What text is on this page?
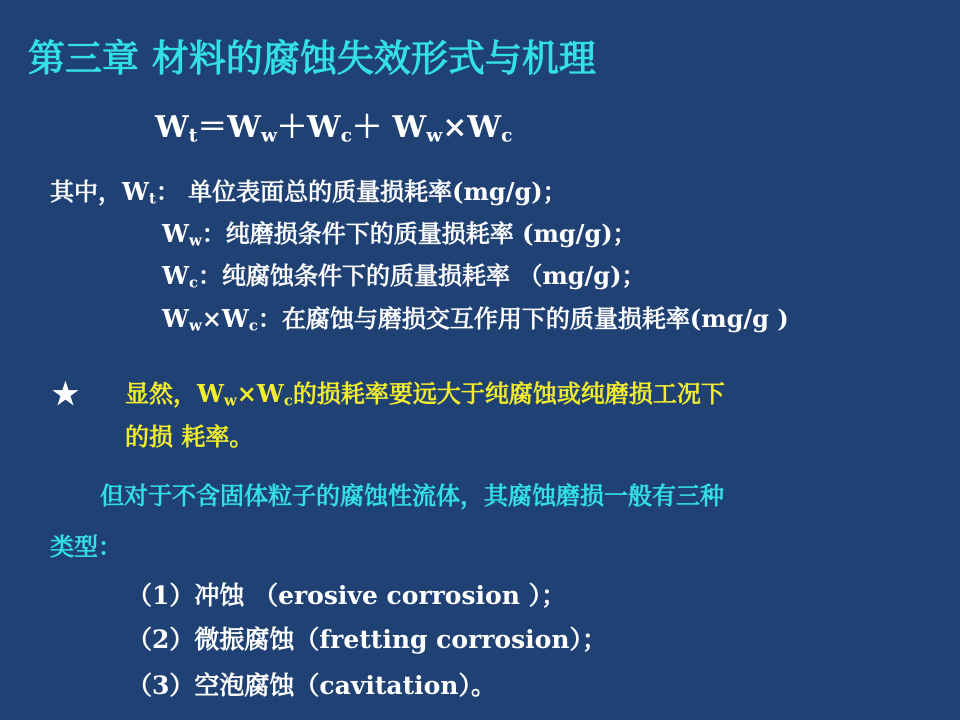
第三章 材料的腐蚀失效形式与机理
$W_t=W_w+W_c+ W_w\times W_c$
其中，$W_t$： 单位表面总的质量损耗率(mg/g)；
$W_w$：纯磨损条件下的质量损耗率 (mg/g)；
$W_c$：纯腐蚀条件下的质量损耗率 （mg/g)；
$W_w\times W_c$：在腐蚀与磨损交互作用下的质量损耗率(mg/g )
★ 显然，$W_w\times W_c$的损耗率要远大于纯腐蚀或纯磨损工况下
的损 耗率。
但对于不含固体粒子的腐蚀性流体，其腐蚀磨损一般有三种
类型：
（1）冲蚀 （erosive corrosion ）；
（2）微振腐蚀（fretting corrosion）；
（3）空泡腐蚀（cavitation）。
